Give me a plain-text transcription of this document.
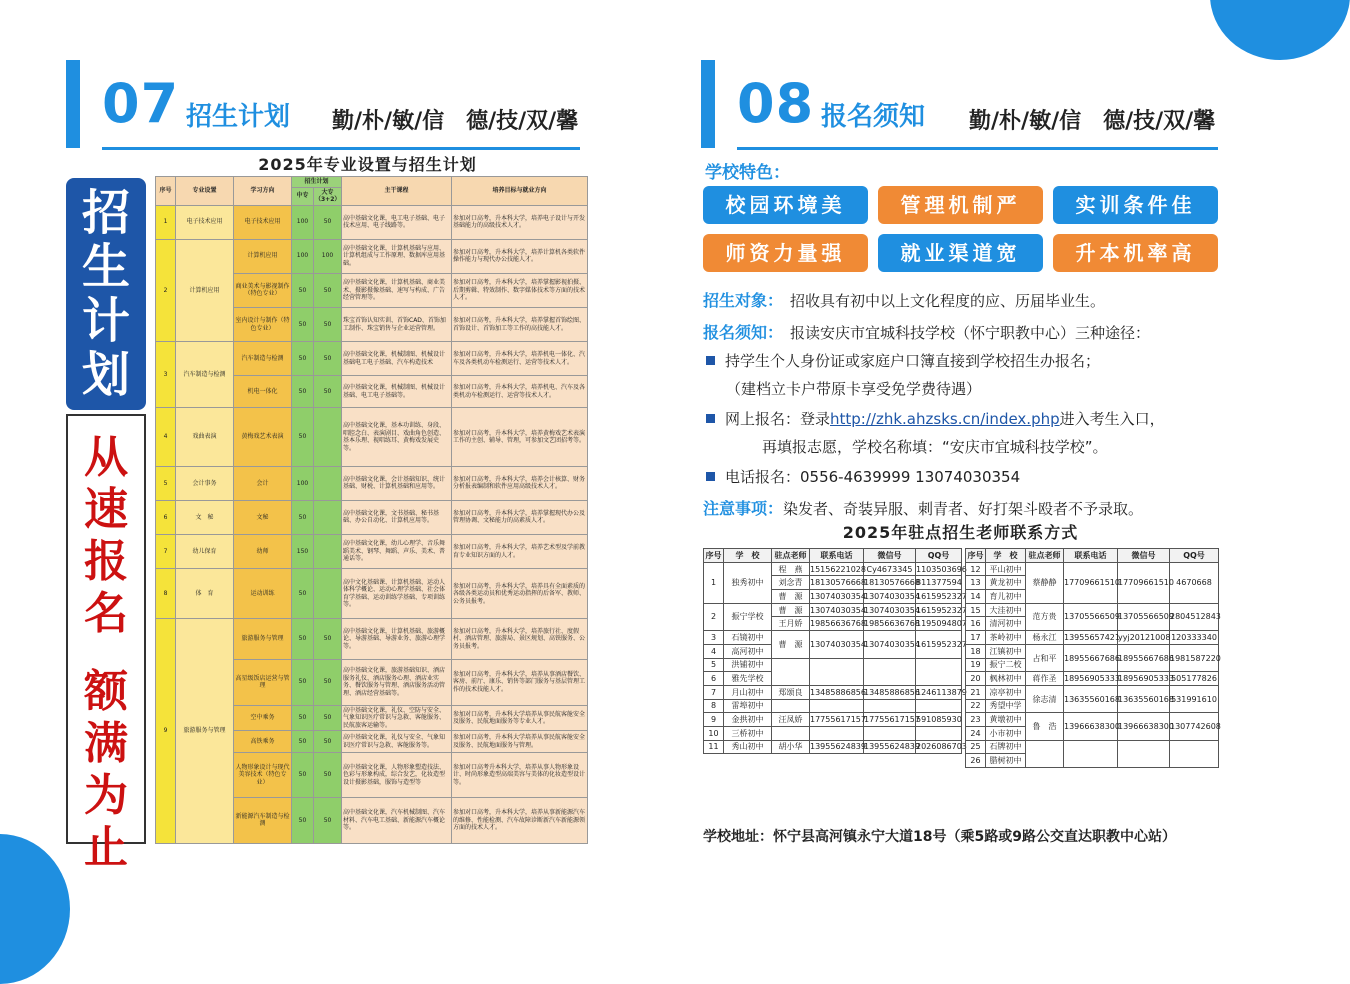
07 招生计划 勤/朴/敏/信　德/技/双/馨
2025年专业设置与招生计划
招
生
计
划
从
速
报
名
额
满
为
止
序号	专业设置	学习方向	招生计划		主干课程	培养目标与就业方向
			中专	大专（3+2）		
1	电子技术应用	电子技术应用	100	50	高中基础文化课，电工电子基础、电子技术应用、电子线路等。	参加对口高考，升本科大学，培养电子设计与开发基础能力的高级技术人才。
2	计算机应用	计算机应用	100	100	高中基础文化课，计算机基础与应用、计算机组成与工作原理、数据库应用基础。	参加对口高考，升本科大学，培养计算机各类软件操作能力与现代办公技能人才。
		商业美术与影视制作（特色专业）	50	50	高中基础文化课，计算机基础、商业美术、摄影摄像基础、速写与构成、广告经营管理等。	参加对口高考，升本科大学，培养掌握影视拍摄、后期剪辑、特效制作、数字媒体技术等方面的技术人才。
		室内设计与制作（特色专业）	50	50	珠宝首饰认知实训、首饰CAD、首饰加工制作、珠宝销售与企业运营管理。	参加对口高考，升本科大学，培养掌握首饰绘图、首饰设计、首饰加工等工作的高技能人才。
3	汽车制造与检测	汽车制造与检测	50	50	高中基础文化课，机械制图、机械设计基础电工电子基础、汽车构造技术	参加对口高考，升本科大学，培养机电一体化、汽车及各类机动车检测运行、运营等技术人才。
		机电一体化	50	50	高中基础文化课，机械制图、机械设计基础、电工电子基础等。	参加对口高考，升本科大学，培养机电、汽车及各类机动车检测运行、运营等技术人才。
4	戏曲表演	黄梅戏艺术表演	50		高中基础文化课，基本功训练、身段、唱腔念白、表演剧目、戏曲角色创造、基本乐理、视唱练耳、黄梅戏发展史等。	参加对口高考，升本科大学，培养黄梅戏艺术表演工作的主创、辅导、管理，可参加文艺团招考等。
5	会计事务	会计	100		高中基础文化课，会计基础知识、统计基础、财税、计算机基础和应用等。	参加对口高考，升本科大学，培养会计核算、财务分析报表编制和软件应用高级技术人才。
6	文　秘	文秘	50		高中基础文化课，文书基础、秘书基础、办公自动化、计算机应用等。	参加对口高考，升本科大学，培养掌握现代办公及管理协调、文秘能力的高素质人才。
7	幼儿保育	幼师	150		高中基础文化课，幼儿心理学、音乐舞蹈美术、钢琴、舞蹈、声乐、美术、普通话等。	参加对口高考，升本科大学，培养艺术型及学前教育专业知识方面的人才。
8	体　育	运动训练	50		高中文化基础课、计算机基础、运动人体科学概论、运动心理学基础、社会体育学基础、运动训练学基础、专项训练等。	参加对口高考，升本科大学，培养具有全面素质的各级各类运动员和优秀运动指挥的后备军、教师、公务员报考。
9	旅游服务与管理	旅游服务与管理	50	50	高中基础文化课，计算机基础、旅游概论、导游基础、导游业务、旅游心理学等。	参加对口高考，升本科大学，培养旅行社、度假村、酒店管理、旅游局、景区规划、高铁服务、公务员报考。
		高星级饭店运营与管理	50	50	高中基础文化课，旅游基础知识、酒店服务礼仪、酒店服务心理、酒店业实务、餐饮服务与管理、酒店服务活动管理、酒店经营基础等。	参加对口高考，升本科大学，培养从事酒店餐饮、客房、前厅、康乐、销售等部门服务与基层管理工作的技术技能人才。
		空中乘务	50	50	高中基础文化课，礼仪、空防与安全、气象知识医疗常识与急救、客舱服务、民航旅客运输等。	参加对口高考，升本科大学培养从事民航客舱安全及服务、民航地面服务等专业人才。
		高铁乘务	50	50	高中基础文化课，礼仪与安全、气象知识医疗常识与急救、客舱服务等。	参加对口高考，升本科大学培养从事民航客舱安全及服务、民航地面服务与管理。
		人物形象设计与现代美容技术（特色专业）	50	50	高中基础文化课，人物形象塑造技法、色彩与形象构成，综合发艺，化妆造型设计摄影基础，服饰与造型等	参加对口高考升本科大学，培养从事人物形象设计、时尚形象造型高端美容与美体的化妆造型设计等。
		新能源汽车制造与检测	50	50	高中基础文化课，汽车机械制图、汽车材料、汽车电工基础、新能源汽车概论等。	参加对口高考，升本科大学，培养从事新能源汽车的维修、性能检测、汽车故障诊断新汽车新能源领方面的技术人才。
08 报名须知 勤/朴/敏/信　德/技/双/馨
学校特色：
校园环境美	管理机制严	实训条件佳
师资力量强	就业渠道宽	升本机率高
招生对象：　 招收具有初中以上文化程度的应、历届毕业生。
报名须知：　 报读安庆市宜城科技学校（怀宁职教中心）三种途径：
持学生个人身份证或家庭户口簿直接到学校招生办报名；
（建档立卡户带原卡享受免学费待遇）
网上报名：登录http://zhk.ahzsks.cn/index.php进入考生入口，
再填报志愿，学校名称填：“安庆市宜城科技学校”。
电话报名：0556-4639999 13074030354
注意事项：染发者、奇装异服、刺青者、好打架斗殴者不予录取。
2025年驻点招生老师联系方式
序号	学　校	驻点老师	联系电话	微信号	QQ号
1	独秀初中	程　燕	15156221028	Cy4673345	1103503696
		刘念青	18130576668	18130576668	811377594
		曹　源	13074030354	13074030354	1615952327
2	振宁学校	曹　源	13074030354	13074030354	1615952327
		王月娇	19856636768	19856636768	1195094807

3	石镜初中	曹　源	13074030354	13074030354	1615952327
4	高河初中				
5	洪铺初中				
6	雅先学校				
7	月山初中	郑颂良	13485886856	13485886856	1246113879
8	雷埠初中				
9	金拱初中	汪凤娇	17755617157	17755617157	591085930
10	三桥初中				
11	秀山初中	胡小华	13955624839	13955624839	2026086703
序号	学　校	驻点老师	联系电话	微信号	QQ号
12	平山初中	蔡静静	17709661510	17709661510	4670668
13	黄龙初中				
14	育儿初中				
15	大洼初中	范方贵	13705566509	13705566509	2804512843
16	清河初中				
17	茶岭初中	杨永江	13955657421	yyj20121008	120333340
18	江镇初中	占和平	18955667686	18955667686	1981587220
19	振宁二校				
20	枫林初中	蒋作圣	18956905333	18956905333	505177826
21	凉亭初中	徐志清	13635560168	13635560168	531991610
22	秀望中学				
23	黄墩初中	鲁　浩	13966638300	13966638300	1307742608
24	小市初中				
25	石牌初中				
26	腊树初中				
学校地址：怀宁县高河镇永宁大道18号（乘5路或9路公交直达职教中心站）
